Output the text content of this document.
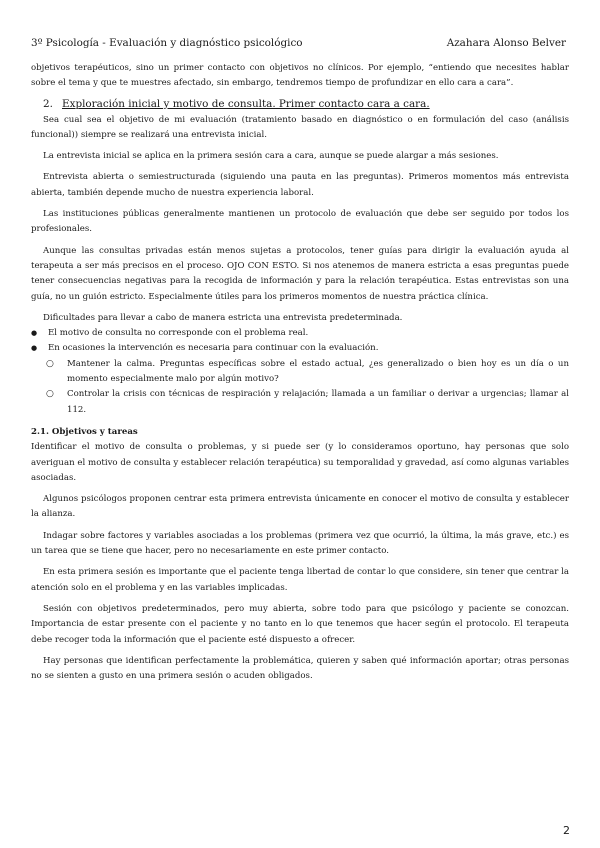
3º Psicología - Evaluación y diagnóstico psicológico	Azahara Alonso Belver

objetivos terapéuticos, sino un primer contacto con objetivos no clínicos. Por ejemplo, “entiendo que necesites hablar sobre el tema y que te muestres afectado, sin embargo, tendremos tiempo de profundizar en ello cara a cara”.

2. Exploración inicial y motivo de consulta. Primer contacto cara a cara.

Sea cual sea el objetivo de mi evaluación (tratamiento basado en diagnóstico o en formulación del caso (análisis funcional)) siempre se realizará una entrevista inicial.

La entrevista inicial se aplica en la primera sesión cara a cara, aunque se puede alargar a más sesiones.

Entrevista abierta o semiestructurada (siguiendo una pauta en las preguntas). Primeros momentos más entrevista abierta, también depende mucho de nuestra experiencia laboral.

Las instituciones públicas generalmente mantienen un protocolo de evaluación que debe ser seguido por todos los profesionales.

Aunque las consultas privadas están menos sujetas a protocolos, tener guías para dirigir la evaluación ayuda al terapeuta a ser más precisos en el proceso. OJO CON ESTO. Si nos atenemos de manera estricta a esas preguntas puede tener consecuencias negativas para la recogida de información y para la relación terapéutica. Estas entrevistas son una guía, no un guión estricto. Especialmente útiles para los primeros momentos de nuestra práctica clínica.

Dificultades para llevar a cabo de manera estricta una entrevista predeterminada.

●	El motivo de consulta no corresponde con el problema real.
●	En ocasiones la intervención es necesaria para continuar con la evaluación.
○	Mantener la calma. Preguntas específicas sobre el estado actual, ¿es generalizado o bien hoy es un día o un momento especialmente malo por algún motivo?
○	Controlar la crisis con técnicas de respiración y relajación; llamada a un familiar o derivar a urgencias; llamar al 112.

2.1. Objetivos y tareas

Identificar el motivo de consulta o problemas, y si puede ser (y lo consideramos oportuno, hay personas que solo averiguan el motivo de consulta y establecer relación terapéutica) su temporalidad y gravedad, así como algunas variables asociadas.

Algunos psicólogos proponen centrar esta primera entrevista únicamente en conocer el motivo de consulta y establecer la alianza.

Indagar sobre factores y variables asociadas a los problemas (primera vez que ocurrió, la última, la más grave, etc.) es un tarea que se tiene que hacer, pero no necesariamente en este primer contacto.

En esta primera sesión es importante que el paciente tenga libertad de contar lo que considere, sin tener que centrar la atención solo en el problema y en las variables implicadas.

Sesión con objetivos predeterminados, pero muy abierta, sobre todo para que psicólogo y paciente se conozcan. Importancia de estar presente con el paciente y no tanto en lo que tenemos que hacer según el protocolo. El terapeuta debe recoger toda la información que el paciente esté dispuesto a ofrecer.

Hay personas que identifican perfectamente la problemática, quieren y saben qué información aportar; otras personas no se sienten a gusto en una primera sesión o acuden obligados.

2
